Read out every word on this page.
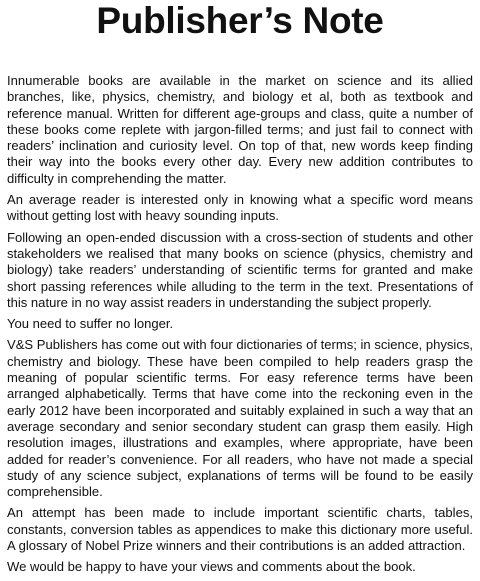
Publisher’s Note

Innumerable books are available in the market on science and its allied branches, like, physics, chemistry, and biology et al, both as textbook and reference manual. Written for different age-groups and class, quite a number of these books come replete with jargon-filled terms; and just fail to connect with readers’ inclination and curiosity level. On top of that, new words keep finding their way into the books every other day. Every new addition contributes to difficulty in comprehending the matter.

An average reader is interested only in knowing what a specific word means without getting lost with heavy sounding inputs.

Following an open-ended discussion with a cross-section of students and other stakeholders we realised that many books on science (physics, chemistry and biology) take readers’ understanding of scientific terms for granted and make short passing references while alluding to the term in the text. Presentations of this nature in no way assist readers in understanding the subject properly.

You need to suffer no longer.

V&S Publishers has come out with four dictionaries of terms; in science, physics, chemistry and biology. These have been compiled to help readers grasp the meaning of popular scientific terms. For easy reference terms have been arranged alphabetically. Terms that have come into the reckoning even in the early 2012 have been incorporated and suitably explained in such a way that an average secondary and senior secondary student can grasp them easily. High resolution images, illustrations and examples, where appropriate, have been added for reader’s convenience. For all readers, who have not made a special study of any science subject, explanations of terms will be found to be easily comprehensible.

An attempt has been made to include important scientific charts, tables, constants, conversion tables as appendices to make this dictionary more useful. A glossary of Nobel Prize winners and their contributions is an added attraction.

We would be happy to have your views and comments about the book.
